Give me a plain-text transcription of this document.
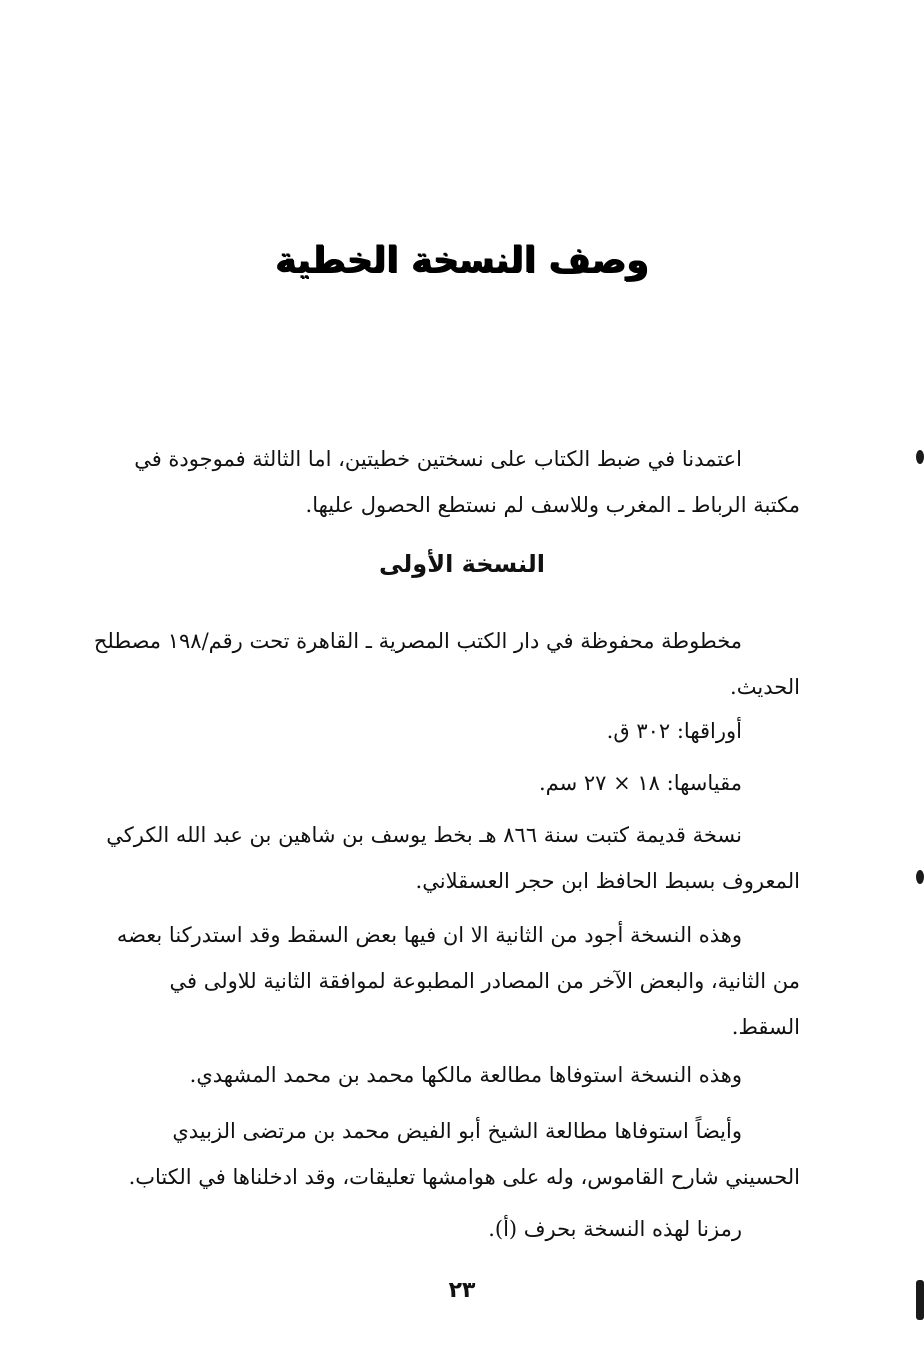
وصف النسخة الخطية
اعتمدنا في ضبط الكتاب على نسختين خطيتين، اما الثالثة فموجودة في
مكتبة الرباط ـ المغرب وللاسف لم نستطع الحصول عليها.
النسخة الأولى
مخطوطة محفوظة في دار الكتب المصرية ـ القاهرة تحت رقم/١٩٨ مصطلح
الحديث.
أوراقها: ٣٠٢ ق.
مقياسها: ١٨ × ٢٧ سم.
نسخة قديمة كتبت سنة ٨٦٦ هـ بخط يوسف بن شاهين بن عبد الله الكركي
المعروف بسبط الحافظ ابن حجر العسقلاني.
وهذه النسخة أجود من الثانية الا ان فيها بعض السقط وقد استدركنا بعضه
من الثانية، والبعض الآخر من المصادر المطبوعة لموافقة الثانية للاولى في
السقط.
وهذه النسخة استوفاها مطالعة مالكها محمد بن محمد المشهدي.
وأيضاً استوفاها مطالعة الشيخ أبو الفيض محمد بن مرتضى الزبيدي
الحسيني شارح القاموس، وله على هوامشها تعليقات، وقد ادخلناها في الكتاب.
رمزنا لهذه النسخة بحرف (أ).
٢٣
